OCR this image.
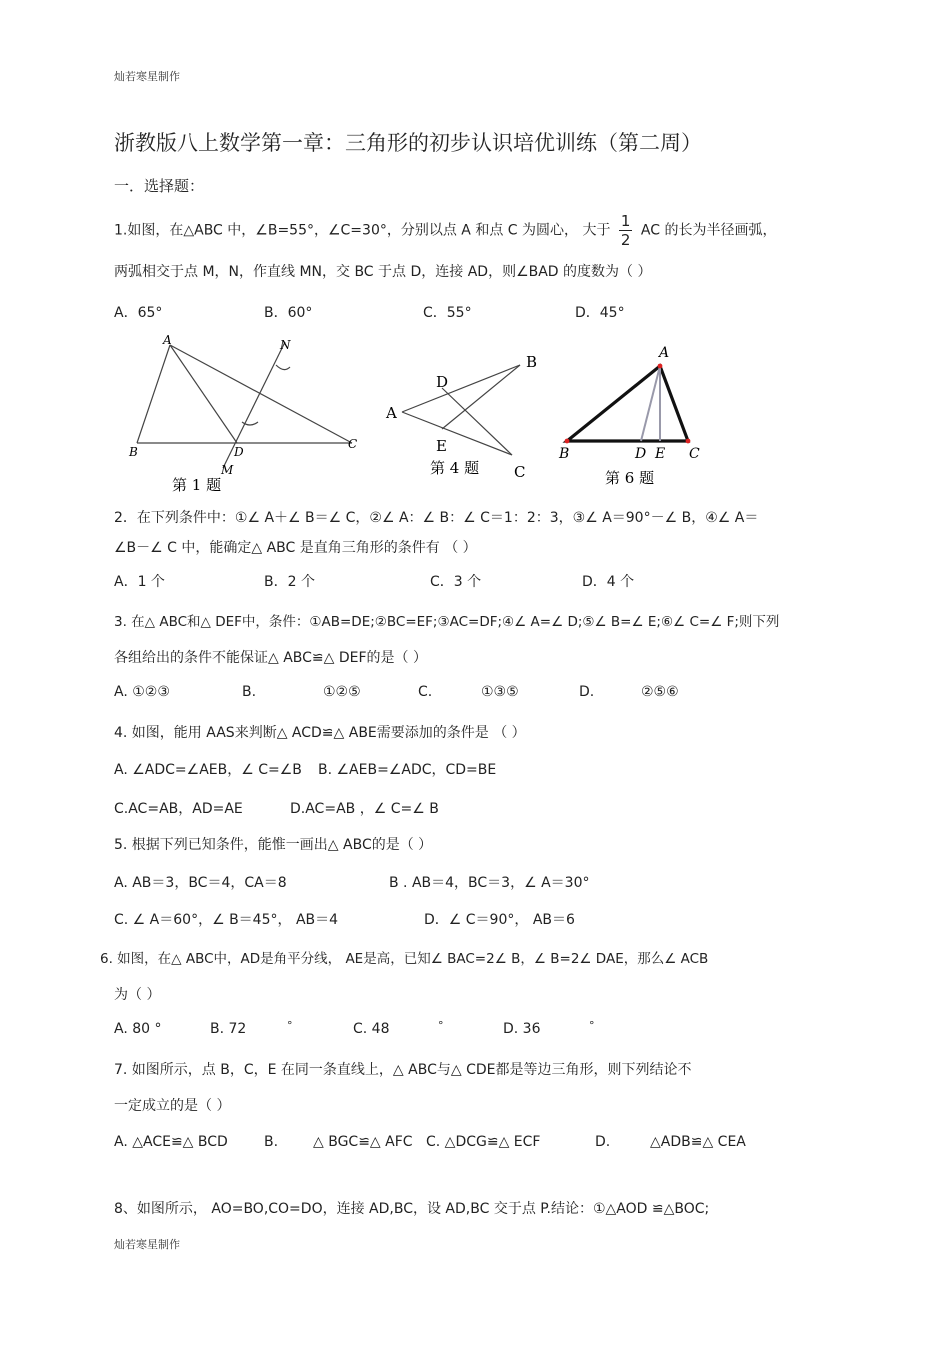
灿若寒星制作
浙教版八上数学第一章：三角形的初步认识培优训练（第二周）
一．选择题：
1.如图，在△ABC 中，∠B=55°，∠C=30°，分别以点 A 和点 C 为圆心， 大于 $\frac{1}{2}$ AC 的长为半径画弧，
两弧相交于点 M，N，作直线 MN，交 BC 于点 D，连接 AD，则∠BAD 的度数为（ ）
A．65°	B．60°	C．55°	D．45°
A
B
C
D
M
N
第 1 题
D
B
A
E
C
第 4 题
A
B	D E C
第 6 题
2．在下列条件中：①∠ A＋∠ B＝∠ C，②∠ A：∠ B：∠ C＝1：2：3，③∠ A＝90°－∠ B，④∠ A＝
∠B－∠ C 中，能确定△ ABC 是直角三角形的条件有 （ ）
A．1 个	B．2 个	C．3 个	D．4 个
3. 在△ ABC和△ DEF中，条件：①AB=DE;②BC=EF;③AC=DF;④∠ A=∠ D;⑤∠ B=∠ E;⑥∠ C=∠ F;则下列
各组给出的条件不能保证△ ABC≌△ DEF的是（ ）
A. ①②③	B.	①②⑤	C.	①③⑤	D.	②⑤⑥
4. 如图，能用 AAS来判断△ ACD≌△ ABE需要添加的条件是 （ ）
A. ∠ADC=∠AEB，∠ C=∠B B. ∠AEB=∠ADC，CD=BE
C.AC=AB，AD=AE	D.AC=AB ，∠ C=∠ B
5. 根据下列已知条件，能惟一画出△ ABC的是（ ）
A. AB＝3，BC＝4，CA＝8	B . AB＝4，BC＝3，∠ A＝30°
C. ∠ A＝60°，∠ B＝45°， AB＝4	D．∠ C＝90°， AB＝6
6. 如图，在△ ABC中，AD是角平分线， AE是高，已知∠ BAC=2∠ B，∠ B=2∠ DAE，那么∠ ACB
为（ ）
A. 80 °	B. 72	°	C. 48	°	D. 36	°
7. 如图所示，点 B，C，E 在同一条直线上，△ ABC与△ CDE都是等边三角形，则下列结论不
一定成立的是（ ）
A. △ACE≌△ BCD	B. △ BGC≌△ AFC C. △DCG≌△ ECF	D.	△ADB≌△ CEA
8、如图所示， AO=BO,CO=DO，连接 AD,BC，设 AD,BC 交于点 P.结论：①△AOD ≌△BOC;
灿若寒星制作
